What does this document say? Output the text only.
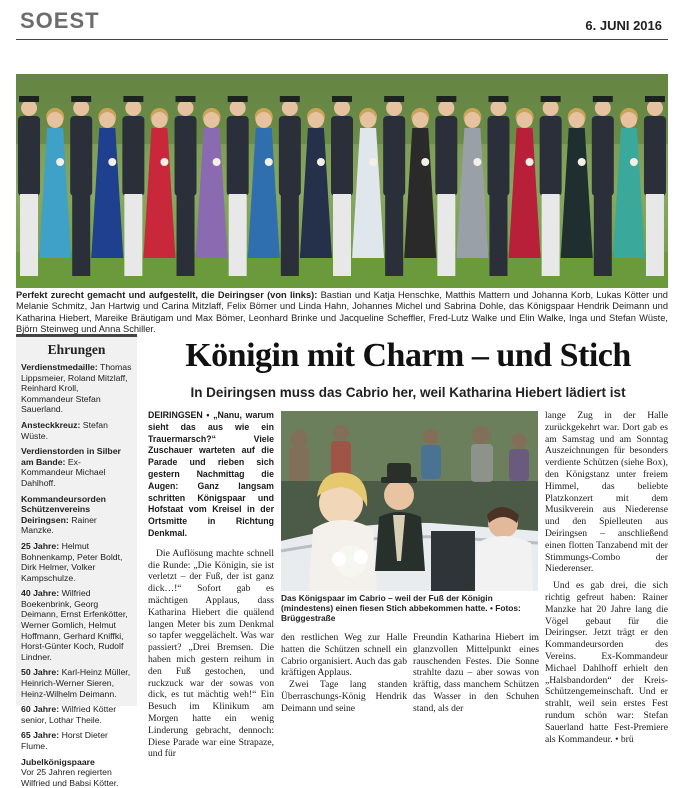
SOEST	6. JUNI 2016
Perfekt zurecht gemacht und aufgestellt, die Deiringser (von links): Bastian und Katja Henschke, Matthis Mattern und Johanna Korb, Lukas Kötter und Melanie Schmitz, Jan Hartwig und Carina Mitzlaff, Felix Bömer und Linda Hahn, Johannes Michel und Sabrina Dohle, das Königspaar Hendrik Deimann und Katharina Hiebert, Mareike Bräutigam und Max Bömer, Leonhard Brinke und Jacqueline Scheffler, Fred-Lutz Walke und Elin Walke, Inga und Stefan Wüste, Björn Steinweg und Anna Schiller.
Ehrungen
Verdienstmedaille: Thomas Lippsmeier, Roland Mitzlaff, Reinhard Kroll, Kommandeur Stefan Sauerland.
Ansteckkreuz: Stefan Wüste.
Verdienstorden in Silber am Bande: Ex-Kommandeur Michael Dahlhoff.
Kommandeursorden Schützenvereins Deiringsen: Rainer Manzke.
25 Jahre: Helmut Bohnenkamp, Peter Boldt, Dirk Helmer, Volker Kampschulze.
40 Jahre: Wilfried Boekenbrink, Georg Deimann, Ernst Erfenkötter, Werner Gomlich, Helmut Hoffmann, Gerhard Kniffki, Horst-Günter Koch, Rudolf Lindner.
50 Jahre: Karl-Heinz Müller, Heinrich-Werner Sieren, Heinz-Wilhelm Deimann.
60 Jahre: Wilfried Kötter senior, Lothar Theile.
65 Jahre: Horst Dieter Flume.
Jubelkönigspaare
Vor 25 Jahren regierten Wilfried und Babsi Kötter.
Königin mit Charm – und Stich
In Deiringsen muss das Cabrio her, weil Katharina Hiebert lädiert ist

DEIRINGSEN • „Nanu, warum sieht das aus wie ein Trauermarsch?“ Viele Zuschauer warteten auf die Parade und rieben sich gestern Nachmittag die Augen: Ganz langsam schritten Königspaar und Hofstaat vom Kreisel in der Ortsmitte in Richtung Denkmal.

Die Auflösung machte schnell die Runde: „Die Königin, sie ist verletzt – der Fuß, der ist ganz dick…!“ Sofort gab es mächtigen Applaus, dass Katharina Hiebert die quälend langen Meter bis zum Denkmal so tapfer weggelächelt. Was war passiert? „Drei Bremsen. Die haben mich gestern reihum in den Fuß gestochen, und ruckzuck war der sowas von dick, es tut mächtig weh!“ Ein Besuch im Klinikum am Morgen hatte ein wenig Linderung gebracht, dennoch: Diese Parade war eine Strapaze, und für

Das Königspaar im Cabrio – weil der Fuß der Königin (mindestens) einen fiesen Stich abbekommen hatte. • Fotos: Brüggestraße

den restlichen Weg zur Halle hatten die Schützen schnell ein Cabrio organisiert. Auch das gab kräftigen Applaus.

Zwei Tage lang standen Überraschungs-König Hendrik Deimann und seine

Freundin Katharina Hiebert im glanzvollen Mittelpunkt eines rauschenden Festes. Die Sonne strahlte dazu – aber sowas von kräftig, dass manchem Schützen das Wasser in den Schuhen stand, als der

lange Zug in der Halle zurückgekehrt war. Dort gab es am Samstag und am Sonntag Auszeichnungen für besonders verdiente Schützen (siehe Box), den Königstanz unter freiem Himmel, das beliebte Platzkonzert mit dem Musikverein aus Niederense und den Spielleuten aus Deiringsen – anschließend einen flotten Tanzabend mit der Stimmungs-Combo der Niederenser.

Und es gab drei, die sich richtig gefreut haben: Rainer Manzke hat 20 Jahre lang die Vögel gebaut für die Deiringser. Jetzt trägt er den Kommandeursorden des Vereins. Ex-Kommandeur Michael Dahlhoff erhielt den „Halsbandorden“ der Kreis-Schützengemeinschaft. Und er strahlt, weil sein erstes Fest rundum schön war: Stefan Sauerland hatte Fest-Premiere als Kommandeur. • brü
